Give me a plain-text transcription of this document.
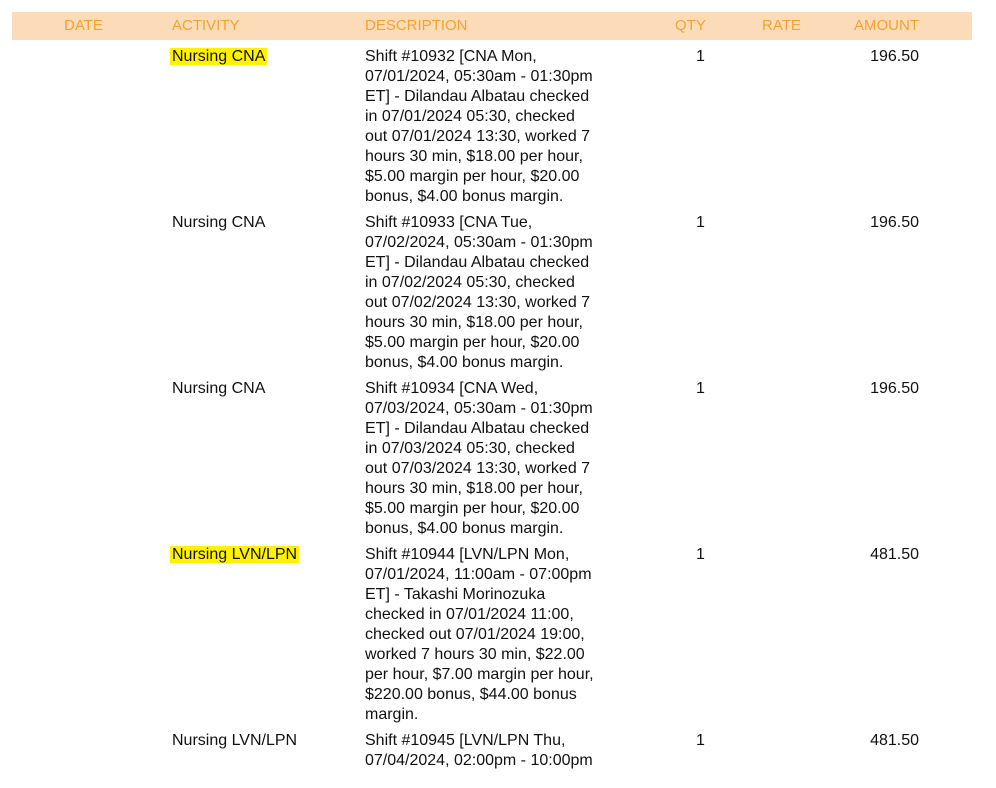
DATE	ACTIVITY	DESCRIPTION	QTY	RATE	AMOUNT
Nursing CNA	Shift #10932 [CNA Mon,
07/01/2024, 05:30am - 01:30pm
ET] - Dilandau Albatau checked
in 07/01/2024 05:30, checked
out 07/01/2024 13:30, worked 7
hours 30 min, $18.00 per hour,
$5.00 margin per hour, $20.00
bonus, $4.00 bonus margin.
1	196.50
Nursing CNA	Shift #10933 [CNA Tue,
07/02/2024, 05:30am - 01:30pm
ET] - Dilandau Albatau checked
in 07/02/2024 05:30, checked
out 07/02/2024 13:30, worked 7
hours 30 min, $18.00 per hour,
$5.00 margin per hour, $20.00
bonus, $4.00 bonus margin.
1	196.50
Nursing CNA	Shift #10934 [CNA Wed,
07/03/2024, 05:30am - 01:30pm
ET] - Dilandau Albatau checked
in 07/03/2024 05:30, checked
out 07/03/2024 13:30, worked 7
hours 30 min, $18.00 per hour,
$5.00 margin per hour, $20.00
bonus, $4.00 bonus margin.
1	196.50
Nursing LVN/LPN	Shift #10944 [LVN/LPN Mon,
07/01/2024, 11:00am - 07:00pm
ET] - Takashi Morinozuka
checked in 07/01/2024 11:00,
checked out 07/01/2024 19:00,
worked 7 hours 30 min, $22.00
per hour, $7.00 margin per hour,
$220.00 bonus, $44.00 bonus
margin.
1	481.50
Nursing LVN/LPN	Shift #10945 [LVN/LPN Thu,
07/04/2024, 02:00pm - 10:00pm
1	481.50
